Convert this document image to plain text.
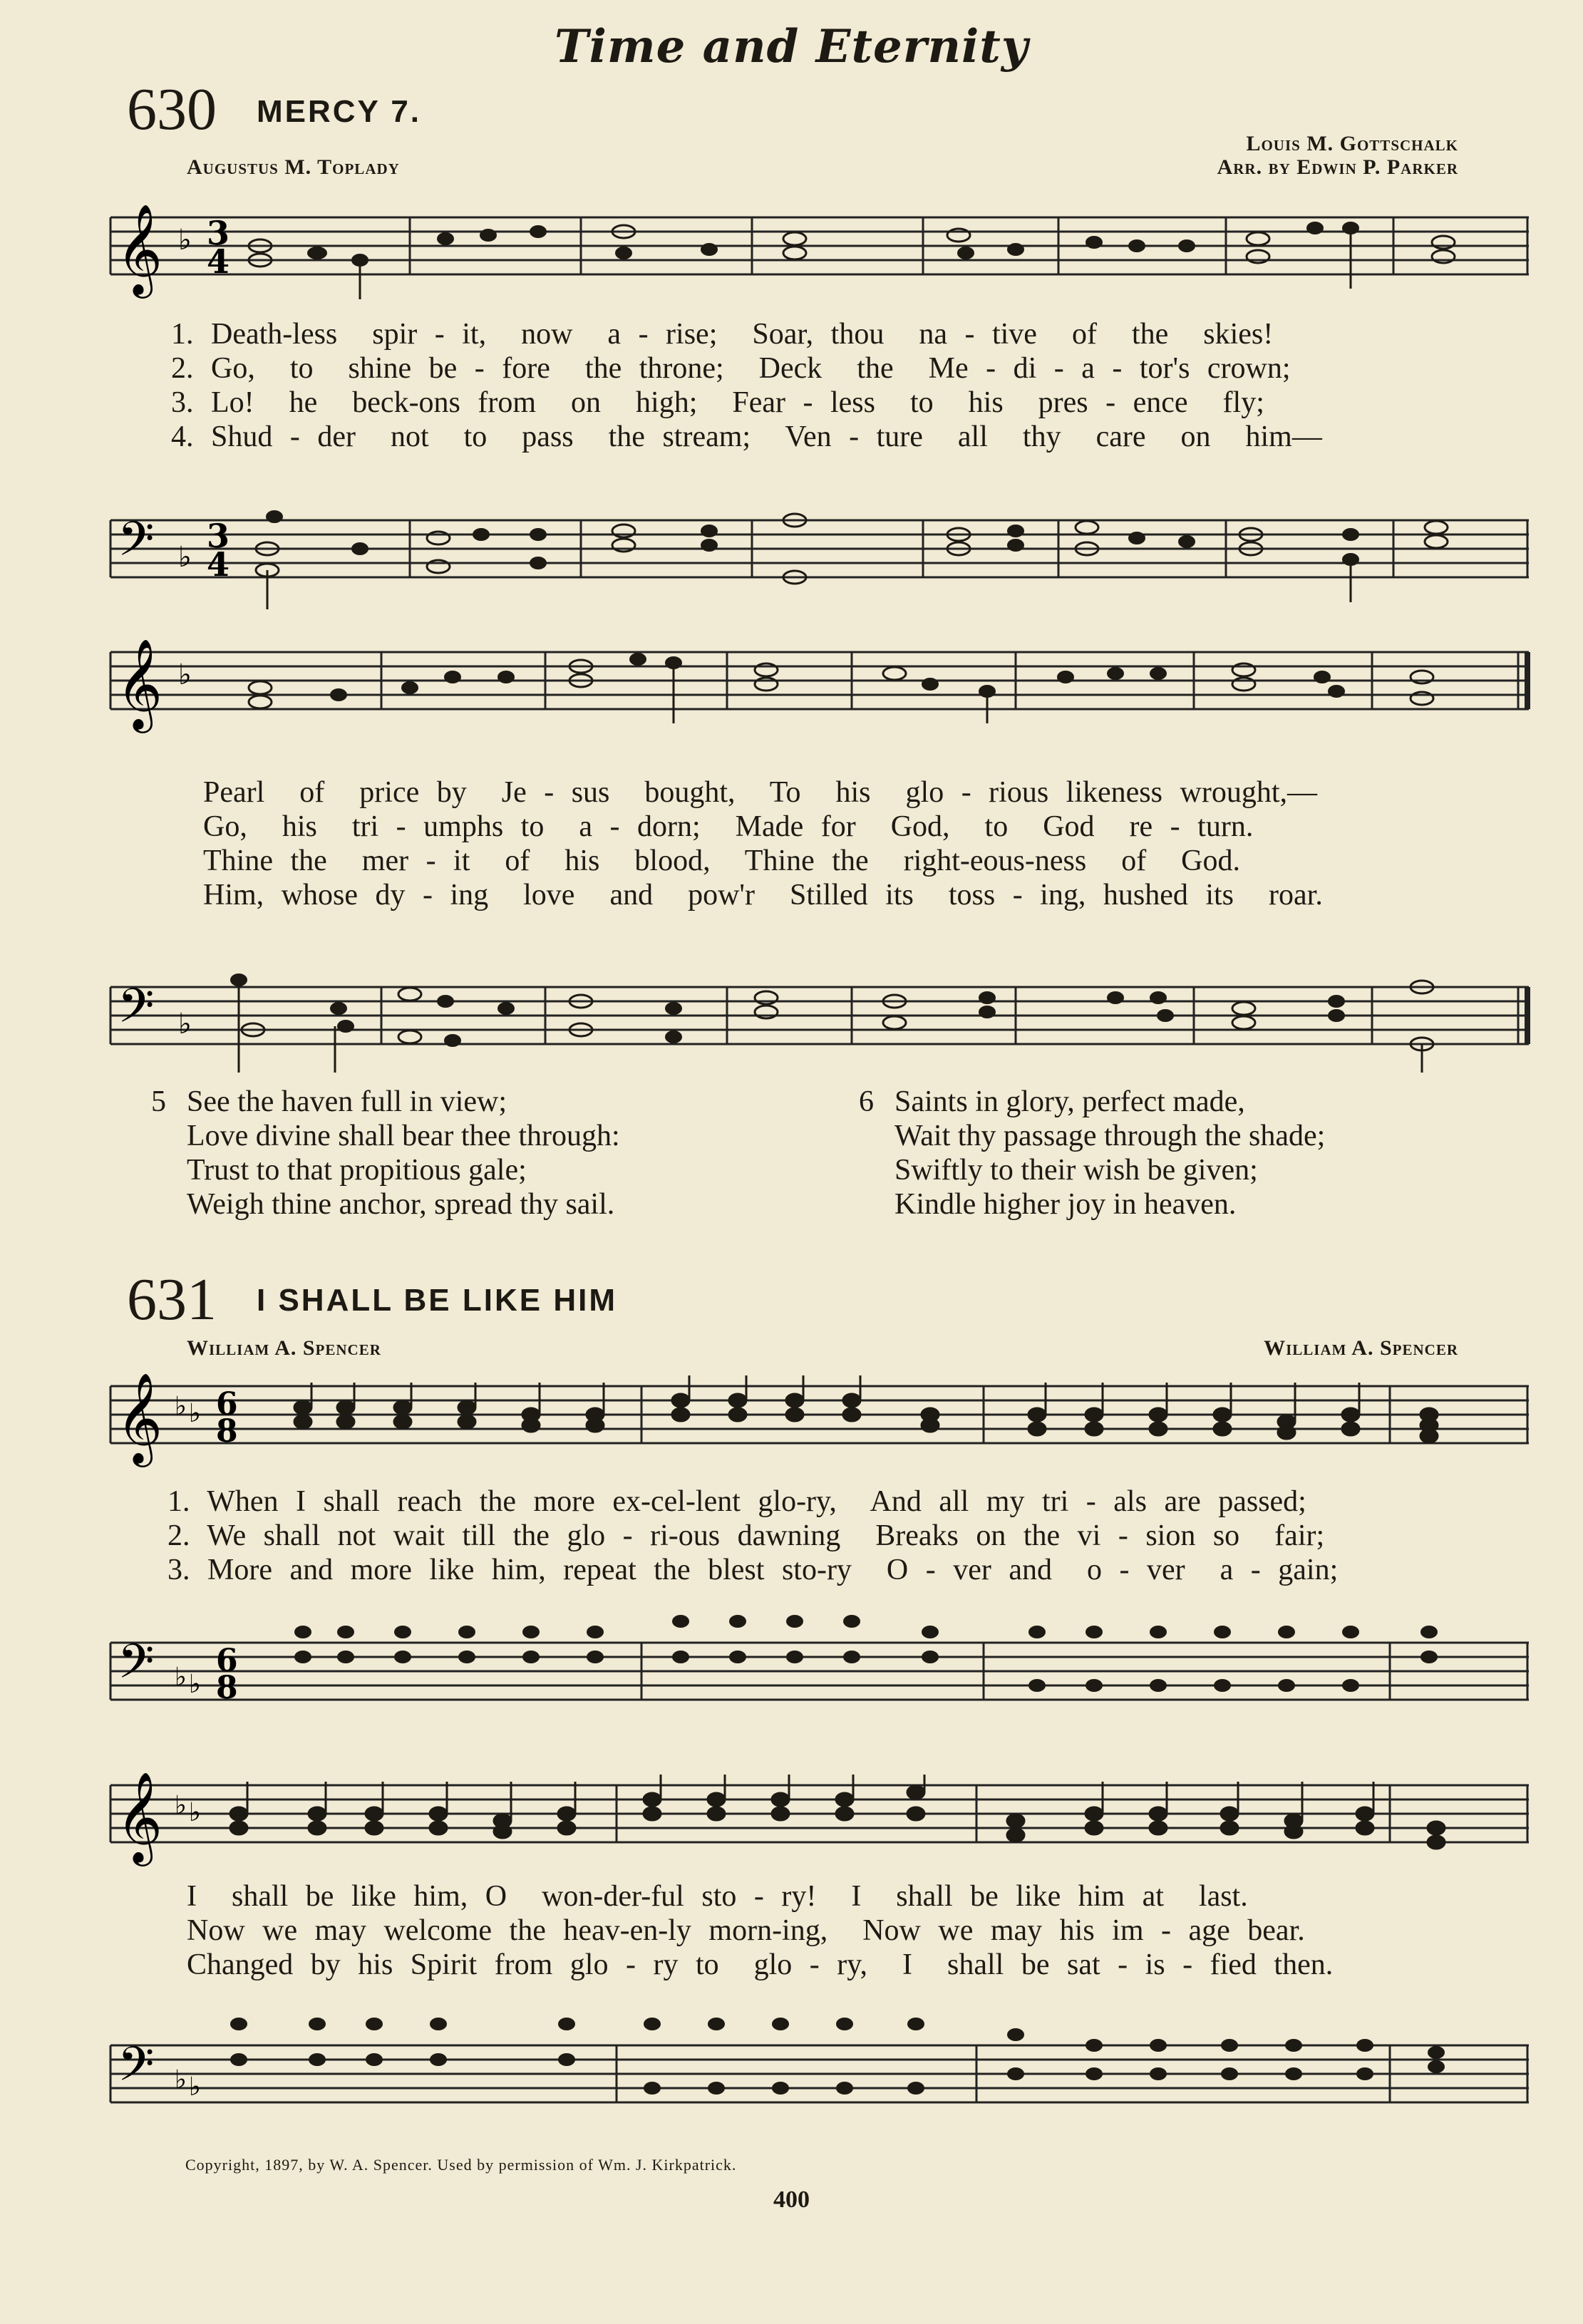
Time and Eternity
630 MERCY 7.
Augustus M. Toplady
Louis M. Gottschalk
Arr. by Edwin P. Parker
𝄞 ♭ 3
4
1. Death-less  spir - it,  now  a - rise;  Soar, thou  na - tive  of  the  skies!
2. Go,  to  shine be - fore  the throne;  Deck  the  Me - di - a - tor's crown;
3. Lo!  he  beck-ons from  on  high;  Fear - less  to  his  pres - ence  fly;
4. Shud - der  not  to  pass  the stream;  Ven - ture  all  thy  care  on  him—
𝄢 ♭
3
4
𝄞 ♭
Pearl  of  price by  Je - sus  bought,  To  his  glo - rious likeness wrought,—
Go,  his  tri - umphs to  a - dorn;  Made for  God,  to  God  re - turn.
Thine the  mer - it  of  his  blood,  Thine the  right-eous-ness  of  God.
Him, whose dy - ing  love  and  pow'r  Stilled its  toss - ing, hushed its  roar.
𝄢 ♭
5 See the haven full in view;
Love divine shall bear thee through:
Trust to that propitious gale;
Weigh thine anchor, spread thy sail.
6 Saints in glory, perfect made,
Wait thy passage through the shade;
Swiftly to their wish be given;
Kindle higher joy in heaven.
631 I SHALL BE LIKE HIM
William A. Spencer	William A. Spencer
𝄞 ♭ ♭ 6
8
1. When I shall reach the more ex-cel-lent glo-ry,  And all my tri - als are passed;
2. We shall not wait till the glo - ri-ous dawning  Breaks on the vi - sion so  fair;
3. More and more like him, repeat the blest sto-ry  O - ver and  o - ver  a - gain;
𝄢 ♭ ♭
6
8
𝄞 ♭ ♭
I  shall be like him, O  won-der-ful sto - ry!  I  shall be like him at  last.
Now we may welcome the heav-en-ly morn-ing,  Now we may his im - age bear.
Changed by his Spirit from glo - ry to  glo - ry,  I  shall be sat - is - fied then.
𝄢 ♭ ♭
Copyright, 1897, by W. A. Spencer. Used by permission of Wm. J. Kirkpatrick.
400
